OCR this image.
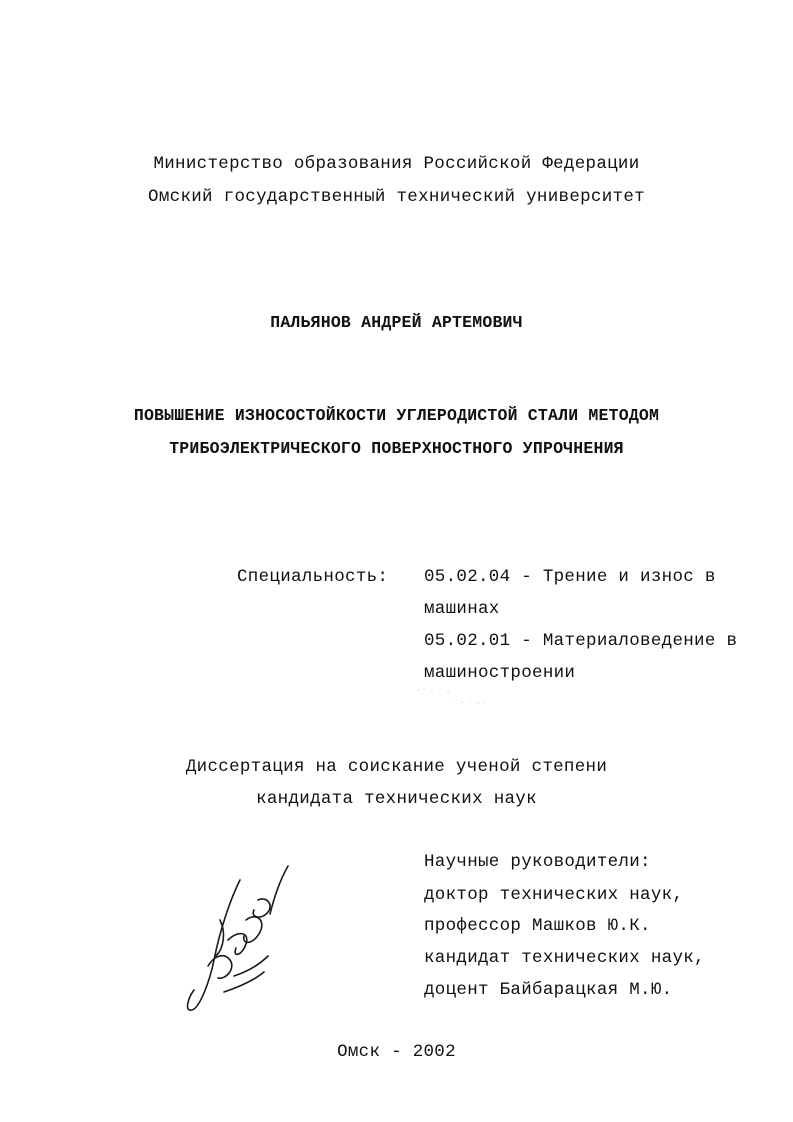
Министерство образования Российской Федерации
Омский государственный технический университет
ПАЛЬЯНОВ АНДРЕЙ АРТЕМОВИЧ
ПОВЫШЕНИЕ ИЗНОСОСТОЙКОСТИ УГЛЕРОДИСТОЙ СТАЛИ МЕТОДОМ
ТРИБОЭЛЕКТРИЧЕСКОГО ПОВЕРХНОСТНОГО УПРОЧНЕНИЯ
Специальность: 05.02.04 - Трение и износ в
машинах
05.02.01 - Материаловедение в
машиностроении
Диссертация на соискание ученой степени
кандидата технических наук
Научные руководители:
доктор технических наук,
профессор Машков Ю.К.
кандидат технических наук,
доцент Байбарацкая М.Ю.
Омск - 2002
